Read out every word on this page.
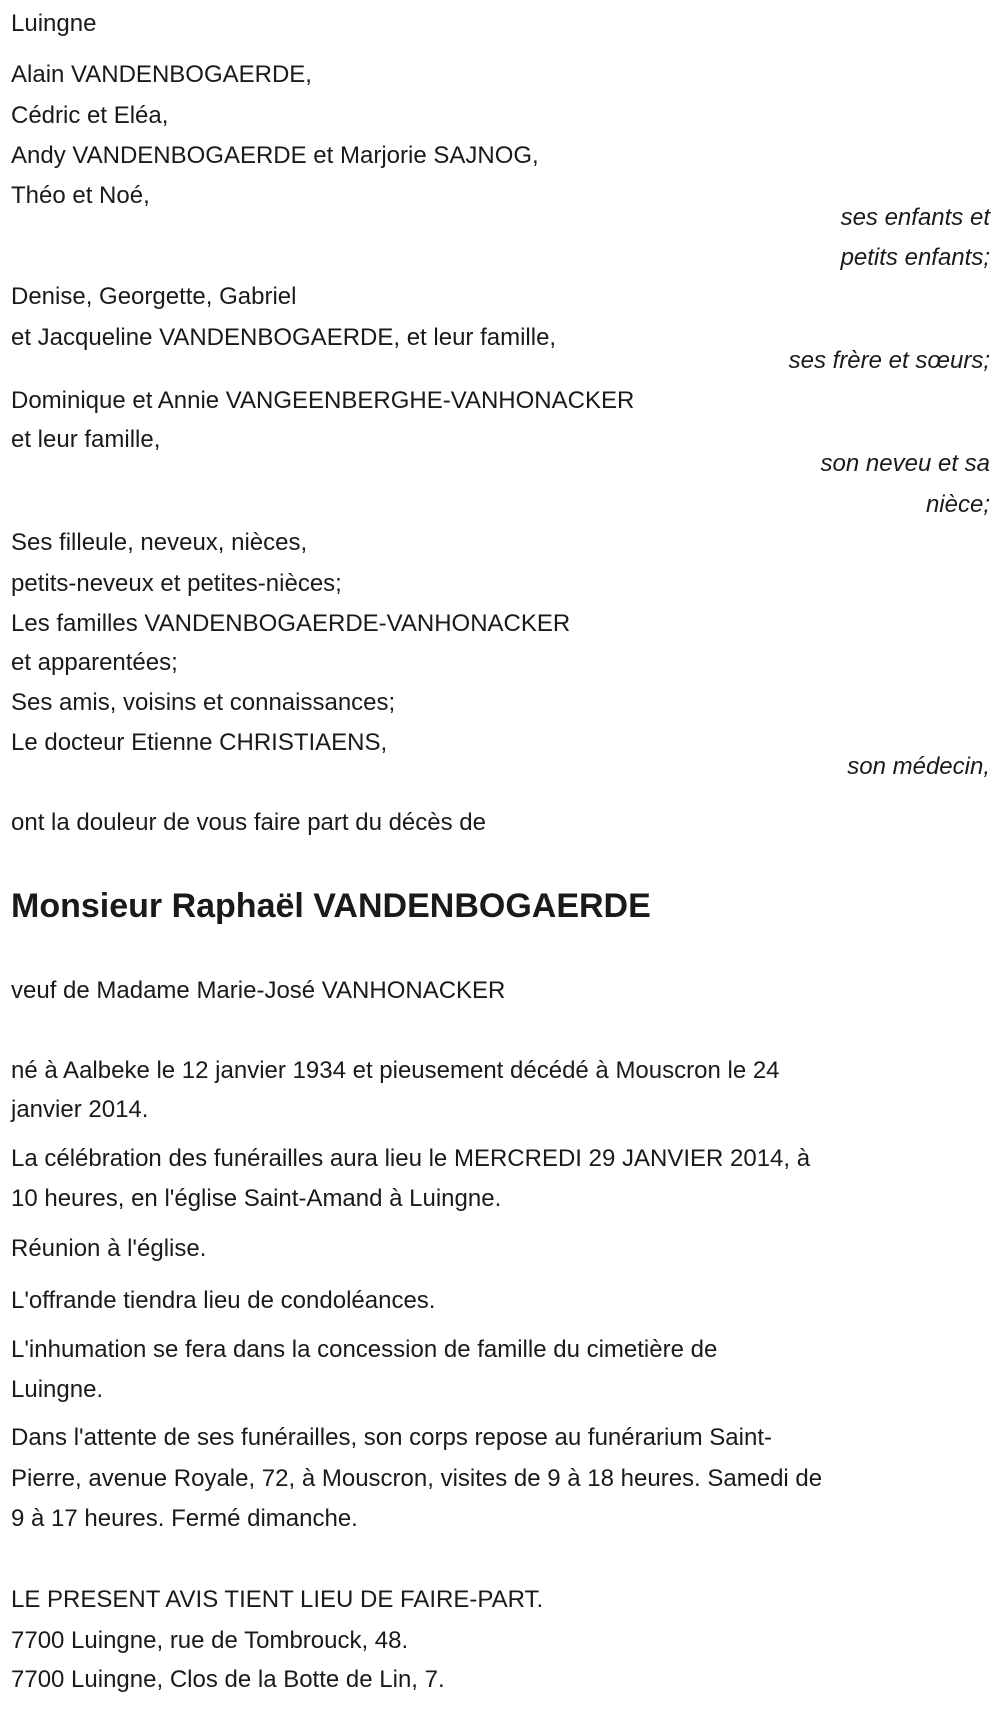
Luingne
Alain VANDENBOGAERDE,
Cédric et Eléa,
Andy VANDENBOGAERDE et Marjorie SAJNOG,
Théo et Noé,
ses enfants et
petits enfants;
Denise, Georgette, Gabriel
et Jacqueline VANDENBOGAERDE, et leur famille,
ses frère et sœurs;
Dominique et Annie VANGEENBERGHE-VANHONACKER
et leur famille,
son neveu et sa
nièce;
Ses filleule, neveux, nièces,
petits-neveux et petites-nièces;
Les familles VANDENBOGAERDE-VANHONACKER
et apparentées;
Ses amis, voisins et connaissances;
Le docteur Etienne CHRISTIAENS,
son médecin,
ont la douleur de vous faire part du décès de
Monsieur Raphaël VANDENBOGAERDE
veuf de Madame Marie-José VANHONACKER
né à Aalbeke le 12 janvier 1934 et pieusement décédé à Mouscron le 24
janvier 2014.
La célébration des funérailles aura lieu le MERCREDI 29 JANVIER 2014, à
10 heures, en l'église Saint-Amand à Luingne.
Réunion à l'église.
L'offrande tiendra lieu de condoléances.
L'inhumation se fera dans la concession de famille du cimetière de
Luingne.
Dans l'attente de ses funérailles, son corps repose au funérarium Saint-
Pierre, avenue Royale, 72, à Mouscron, visites de 9 à 18 heures. Samedi de
9 à 17 heures. Fermé dimanche.
LE PRESENT AVIS TIENT LIEU DE FAIRE-PART.
7700 Luingne, rue de Tombrouck, 48.
7700 Luingne, Clos de la Botte de Lin, 7.
